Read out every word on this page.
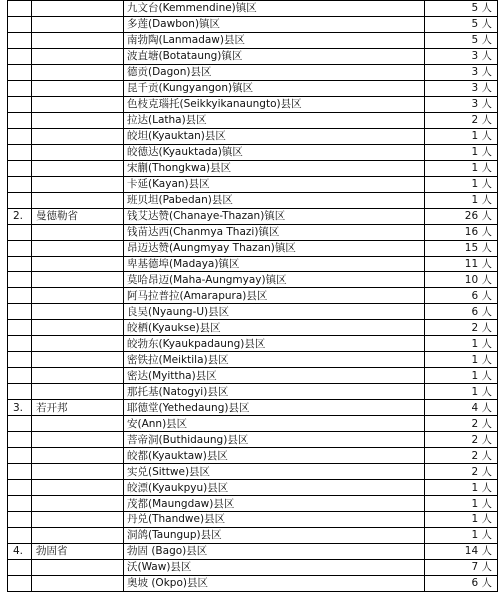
		九文台(Kemmendine)镇区	5 人
		多莲(Dawbon)镇区	5 人
		南勃陶(Lanmadaw)县区	5 人
		波直塘(Botataung)镇区	3 人
		德贡(Dagon)县区	3 人
		昆千贡(Kungyangon)镇区	3 人
		色枝克瑙托(Seikkyikanaungto)县区	3 人
		拉达(Latha)县区	2 人
		皎坦(Kyauktan)县区	1 人
		皎德达(Kyauktada)镇区	1 人
		宋蒯(Thongkwa)县区	1 人
		卡延(Kayan)县区	1 人
		班贝坦(Pabedan)县区	1 人
2.	曼德勒省	钱艾达赞(Chanaye-Thazan)镇区	26 人
		钱苗达西(Chanmya Thazi)镇区	16 人
		昂迈达赞(Aungmyay Thazan)镇区	15 人
		卑基德埠(Madaya)镇区	11 人
		莫哈昂迈(Maha-Aungmyay)镇区	10 人
		阿马拉普拉(Amarapura)县区	6 人
		良吴(Nyaung-U)县区	6 人
		皎栖(Kyaukse)县区	2 人
		皎勃东(Kyaukpadaung)县区	1 人
		密铁拉(Meiktila)县区	1 人
		密达(Myittha)县区	1 人
		那托基(Natogyi)县区	1 人
3.	若开邦	耶德堂(Yethedaung)县区	4 人
		安(Ann)县区	2 人
		菩帝洞(Buthidaung)县区	2 人
		皎都(Kyauktaw)县区	2 人
		实兑(Sittwe)县区	2 人
		皎漂(Kyaukpyu)县区	1 人
		茂都(Maungdaw)县区	1 人
		丹兑(Thandwe)县区	1 人
		洞鸽(Taungup)县区	1 人
4.	勃固省	勃固 (Bago)县区	14 人
		沃(Waw)县区	7 人
		奥坡 (Okpo)县区	6 人
